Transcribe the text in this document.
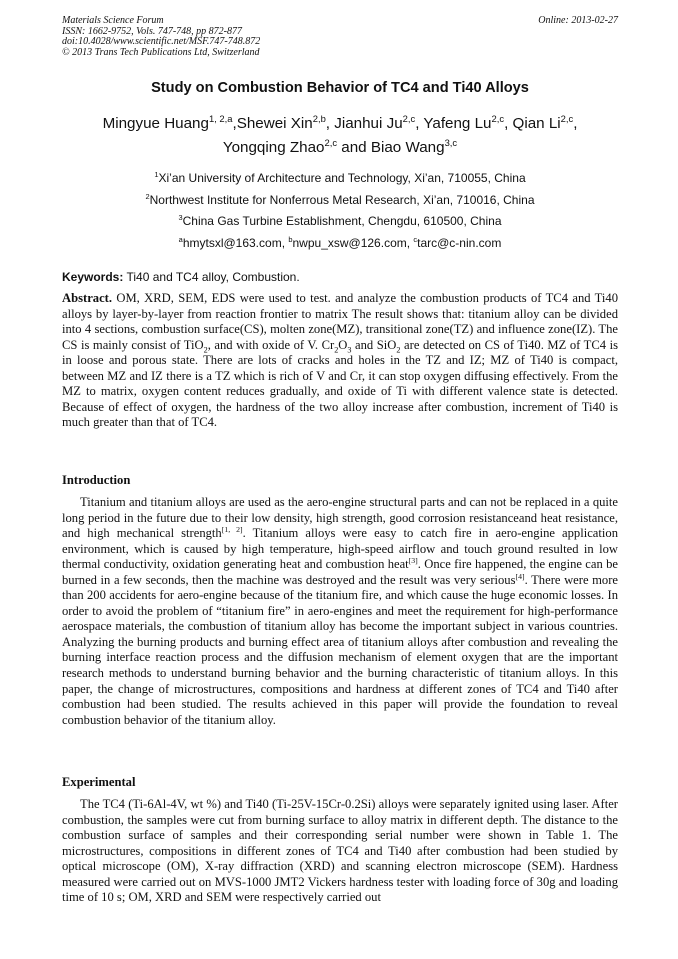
Materials Science Forum
ISSN: 1662-9752, Vols. 747-748, pp 872-877
doi:10.4028/www.scientific.net/MSF.747-748.872
© 2013 Trans Tech Publications Ltd, Switzerland
Online: 2013-02-27
Study on Combustion Behavior of TC4 and Ti40 Alloys
Mingyue Huang$^{1, 2,a}$,Shewei Xin$^{2,b}$, Jianhui Ju$^{2,c}$, Yafeng Lu$^{2,c}$, Qian Li$^{2,c}$,
Yongqing Zhao$^{2,c}$ and Biao Wang$^{3,c}$
$^1$Xi’an University of Architecture and Technology, Xi’an, 710055, China
$^2$Northwest Institute for Nonferrous Metal Research, Xi’an, 710016, China
$^3$China Gas Turbine Establishment, Chengdu, 610500, China
$^a$hmytsxl@163.com, $^b$nwpu_xsw@126.com, $^c$tarc@c-nin.com
Keywords: Ti40 and TC4 alloy, Combustion.
Abstract. OM, XRD, SEM, EDS were used to test. and analyze the combustion products of TC4 and Ti40 alloys by layer-by-layer from reaction frontier to matrix The result shows that: titanium alloy can be divided into 4 sections, combustion surface(CS), molten zone(MZ), transitional zone(TZ) and influence zone(IZ). The CS is mainly consist of TiO$_2$, and with oxide of V. $Cr_2O_3$ and SiO$_2$ are detected on CS of Ti40. MZ of TC4 is in loose and porous state. There are lots of cracks and holes in the TZ and IZ; MZ of Ti40 is compact, between MZ and IZ there is a TZ which is rich of V and Cr, it can stop oxygen diffusing effectively. From the MZ to matrix, oxygen content reduces gradually, and oxide of Ti with different valence state is detected. Because of effect of oxygen, the hardness of the two alloy increase after combustion, increment of Ti40 is much greater than that of TC4.
Introduction
Titanium and titanium alloys are used as the aero-engine structural parts and can not be replaced in a quite long period in the future due to their low density, high strength, good corrosion resistanceand heat resistance, and high mechanical strength[1, 2]. Titanium alloys were easy to catch fire in aero-engine application environment, which is caused by high temperature, high-speed airflow and touch ground resulted in low thermal conductivity, oxidation generating heat and combustion heat[3]. Once fire happened, the engine can be burned in a few seconds, then the machine was destroyed and the result was very serious[4]. There were more than 200 accidents for aero-engine because of the titanium fire, and which cause the huge economic losses. In order to avoid the problem of “titanium fire” in aero-engines and meet the requirement for high-performance aerospace materials, the combustion of titanium alloy has become the important subject in various countries. Analyzing the burning products and burning effect area of titanium alloys after combustion and revealing the burning interface reaction process and the diffusion mechanism of element oxygen that are the important research methods to understand burning behavior and the burning characteristic of titanium alloys. In this paper, the change of microstructures, compositions and hardness at different zones of TC4 and Ti40 after combustion had been studied. The results achieved in this paper will provide the foundation to reveal combustion behavior of the titanium alloy.
Experimental
The TC4 (Ti-6Al-4V, wt %) and Ti40 (Ti-25V-15Cr-0.2Si) alloys were separately ignited using laser. After combustion, the samples were cut from burning surface to alloy matrix in different depth. The distance to the combustion surface of samples and their corresponding serial number were shown in Table 1. The microstructures, compositions in different zones of TC4 and Ti40 after combustion had been studied by optical microscope (OM), X-ray diffraction (XRD) and scanning electron microscope (SEM). Hardness measured were carried out on MVS-1000 JMT2 Vickers hardness tester with loading force of 30g and loading time of 10 s; OM, XRD and SEM were respectively carried out
